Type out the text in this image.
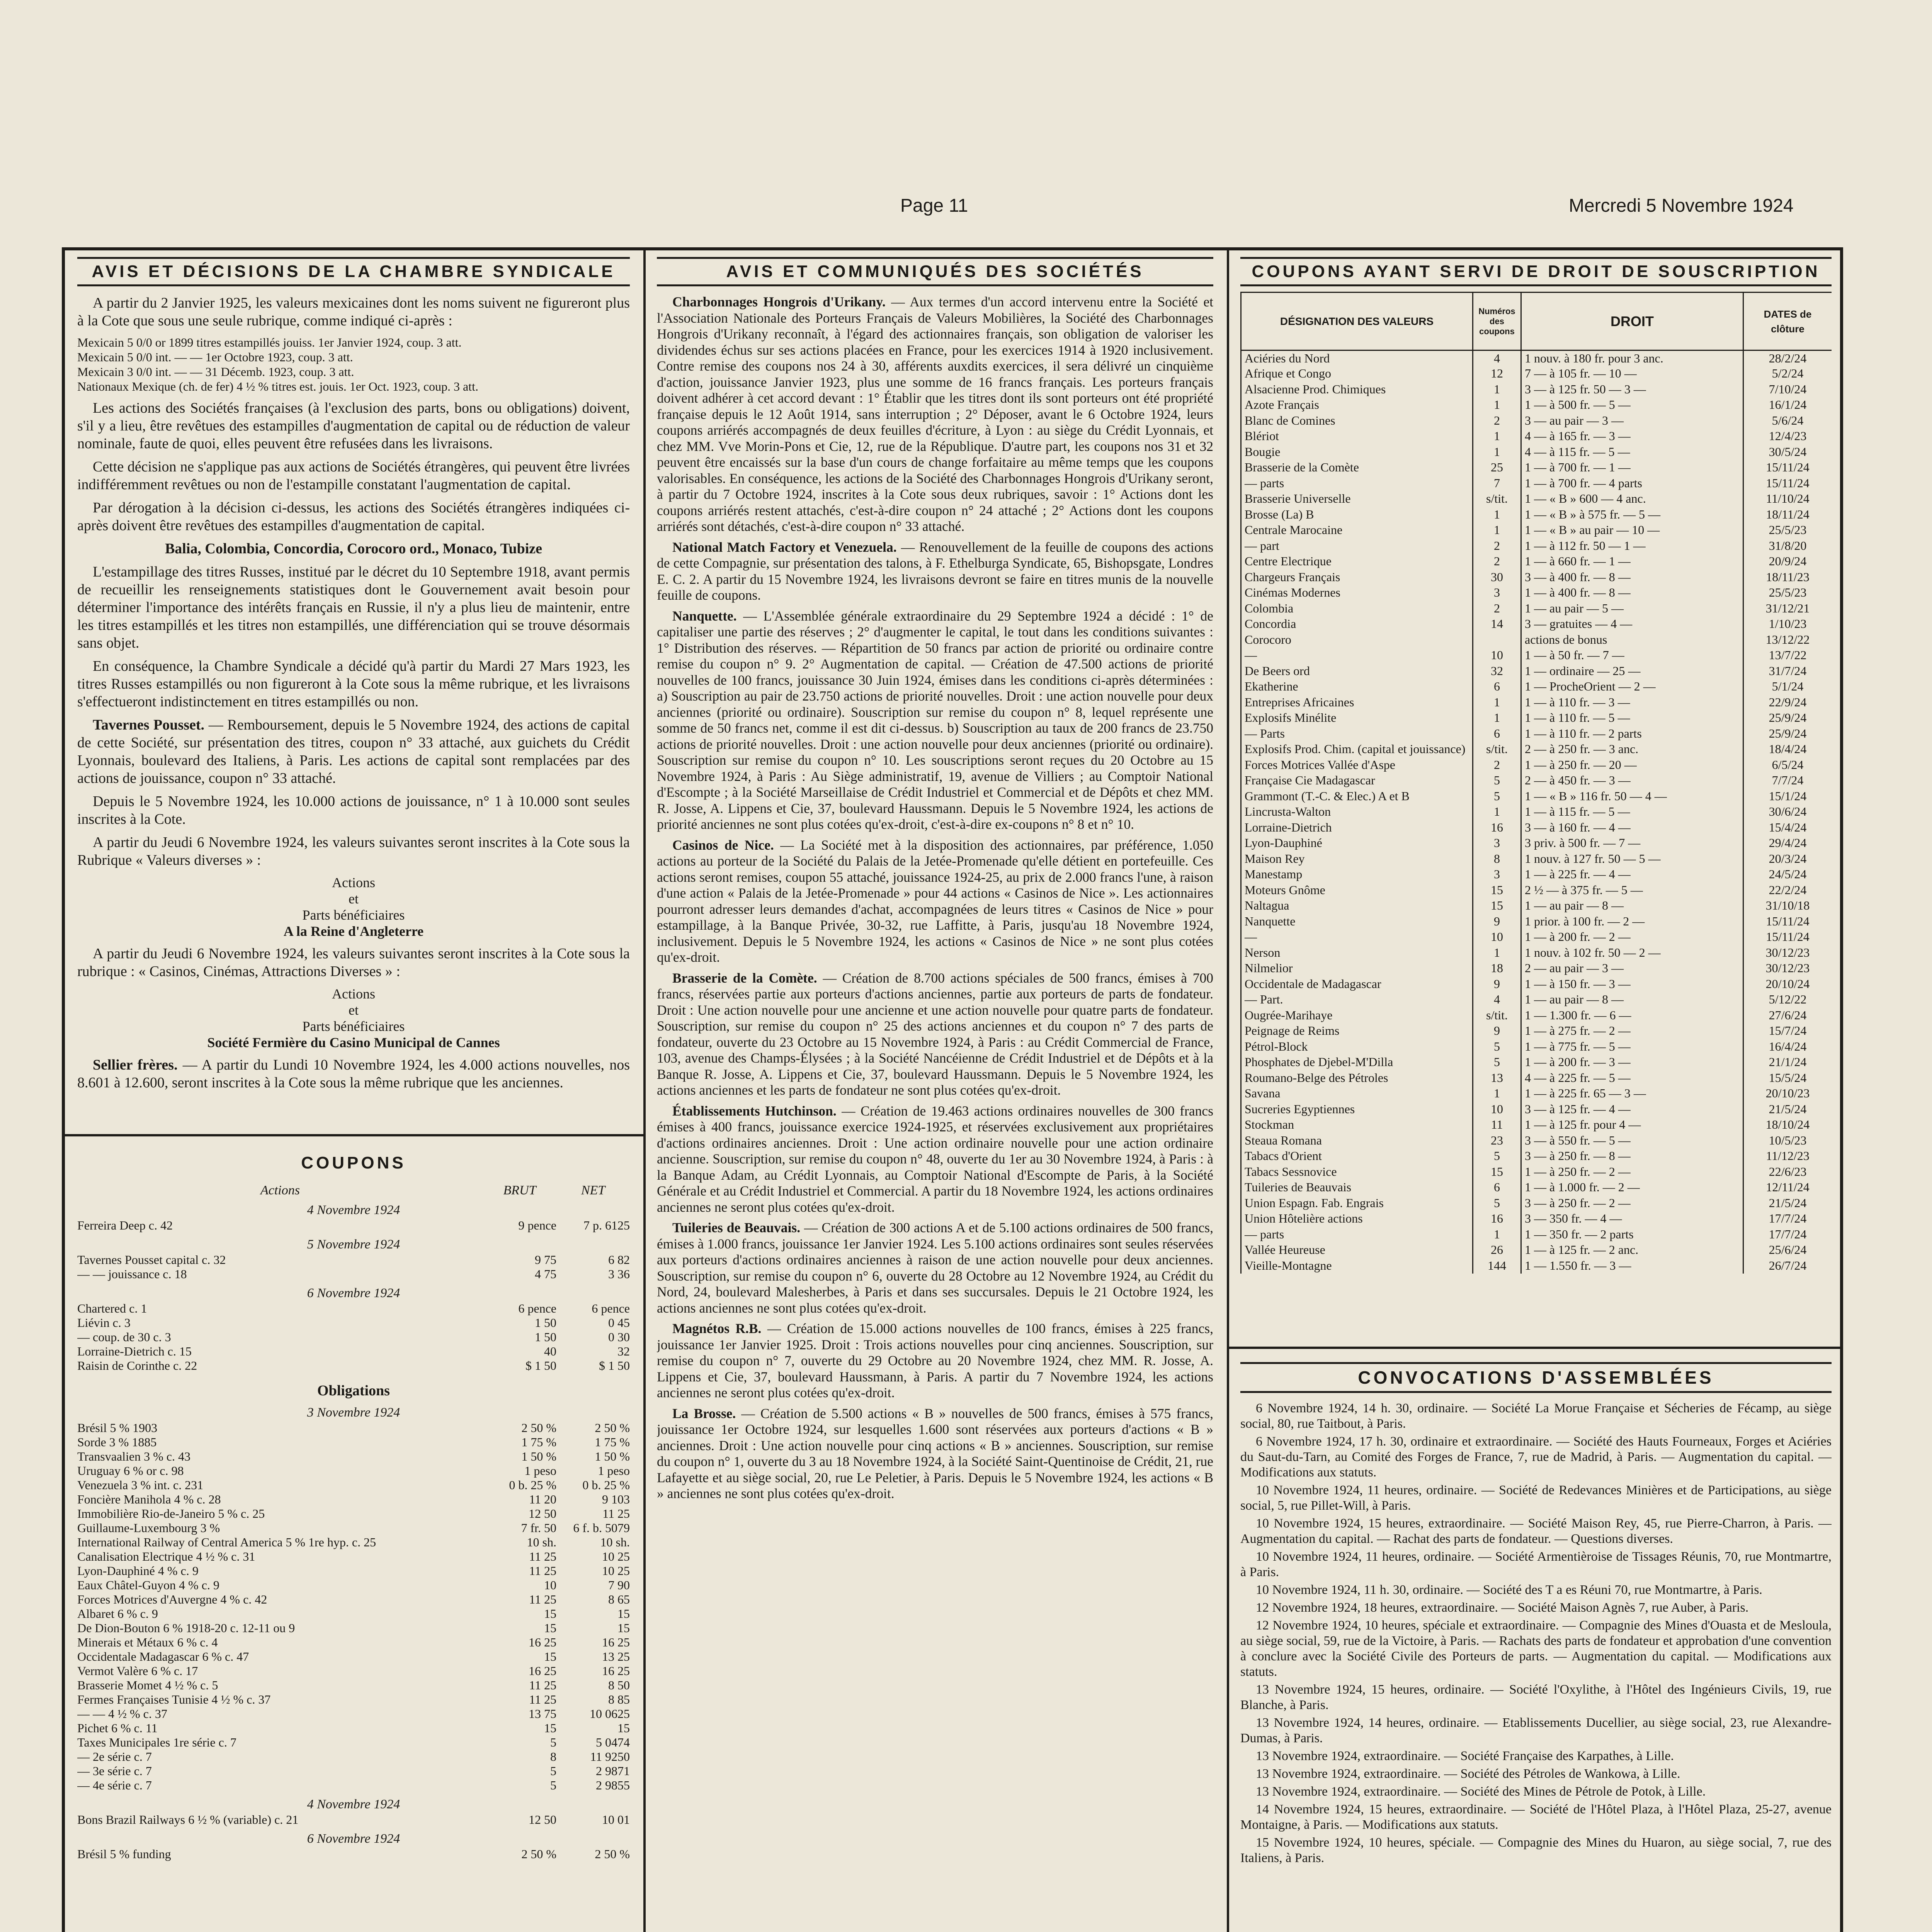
Page 11	Mercredi 5 Novembre 1924
AVIS ET DÉCISIONS DE LA CHAMBRE SYNDICALE

A partir du 2 Janvier 1925, les valeurs mexicaines dont les noms suivent ne figureront plus à la Cote que sous une seule rubrique, comme indiqué ci-après :

Mexicain 5 0/0 or 1899 titres estampillés jouiss. 1er Janvier 1924, coup. 3 att.
Mexicain 5 0/0 int. — — 1er Octobre 1923, coup. 3 att.
Mexicain 3 0/0 int. — — 31 Décemb. 1923, coup. 3 att.
Nationaux Mexique (ch. de fer) 4 ½ % titres est. jouis. 1er Oct. 1923, coup. 3 att.

Les actions des Sociétés françaises (à l'exclusion des parts, bons ou obligations) doivent, s'il y a lieu, être revêtues des estampilles d'augmentation de capital ou de réduction de valeur nominale, faute de quoi, elles peuvent être refusées dans les livraisons.

Cette décision ne s'applique pas aux actions de Sociétés étrangères, qui peuvent être livrées indifféremment revêtues ou non de l'estampille constatant l'augmentation de capital.

Par dérogation à la décision ci-dessus, les actions des Sociétés étrangères indiquées ci-après doivent être revêtues des estampilles d'augmentation de capital.

Balia, Colombia, Concordia, Corocoro ord., Monaco, Tubize

L'estampillage des titres Russes, institué par le décret du 10 Septembre 1918, avant permis de recueillir les renseignements statistiques dont le Gouvernement avait besoin pour déterminer l'importance des intérêts français en Russie, il n'y a plus lieu de maintenir, entre les titres estampillés et les titres non estampillés, une différenciation qui se trouve désormais sans objet.

En conséquence, la Chambre Syndicale a décidé qu'à partir du Mardi 27 Mars 1923, les titres Russes estampillés ou non figureront à la Cote sous la même rubrique, et les livraisons s'effectueront indistinctement en titres estampillés ou non.

Tavernes Pousset. — Remboursement, depuis le 5 Novembre 1924, des actions de capital de cette Société, sur présentation des titres, coupon n° 33 attaché, aux guichets du Crédit Lyonnais, boulevard des Italiens, à Paris. Les actions de capital sont remplacées par des actions de jouissance, coupon n° 33 attaché.

Depuis le 5 Novembre 1924, les 10.000 actions de jouissance, n° 1 à 10.000 sont seules inscrites à la Cote.

A partir du Jeudi 6 Novembre 1924, les valeurs suivantes seront inscrites à la Cote sous la Rubrique « Valeurs diverses » :

Actions
et
Parts bénéficiaires
A la Reine d'Angleterre

A partir du Jeudi 6 Novembre 1924, les valeurs suivantes seront inscrites à la Cote sous la rubrique : « Casinos, Cinémas, Attractions Diverses » :

Actions
et
Parts bénéficiaires
Société Fermière du Casino Municipal de Cannes

Sellier frères. — A partir du Lundi 10 Novembre 1924, les 4.000 actions nouvelles, nos 8.601 à 12.600, seront inscrites à la Cote sous la même rubrique que les anciennes.

COUPONS
Actions	BRUT	NET
4 Novembre 1924
Ferreira Deep c. 42	9 pence	7 p. 6125
5 Novembre 1924
Tavernes Pousset capital c. 32	9 75	6 82
— — jouissance c. 18	4 75	3 36
6 Novembre 1924
Chartered c. 1	6 pence	6 pence
Liévin c. 3	1 50	0 45
— coup. de 30 c. 3	1 50	0 30
Lorraine-Dietrich c. 15	40	32
Raisin de Corinthe c. 22	$ 1 50	$ 1 50
Obligations
3 Novembre 1924
Brésil 5 % 1903	2 50 %	2 50 %
Sorde 3 % 1885	1 75 %	1 75 %
Transvaalien 3 % c. 43	1 50 %	1 50 %
Uruguay 6 % or c. 98	1 peso	1 peso
Venezuela 3 % int. c. 231	0 b. 25 %	0 b. 25 %
Foncière Manihola 4 % c. 28	11 20	9 103
Immobilière Rio-de-Janeiro 5 % c. 25	12 50	11 25
Guillaume-Luxembourg 3 %	7 fr. 50	6 f. b. 5079
International Railway of Central America 5 % 1re hyp. c. 25	10 sh.	10 sh.
Canalisation Electrique 4 ½ % c. 31	11 25	10 25
Lyon-Dauphiné 4 % c. 9	11 25	10 25
Eaux Châtel-Guyon 4 % c. 9	10	7 90
Forces Motrices d'Auvergne 4 % c. 42	11 25	8 65
Albaret 6 % c. 9	15	15
De Dion-Bouton 6 % 1918-20 c. 12-11 ou 9	15	15
Minerais et Métaux 6 % c. 4	16 25	16 25
Occidentale Madagascar 6 % c. 47	15	13 25
Vermot Valère 6 % c. 17	16 25	16 25
Brasserie Momet 4 ½ % c. 5	11 25	8 50
Fermes Françaises Tunisie 4 ½ % c. 37	11 25	8 85
— — 4 ½ % c. 37	13 75	10 0625
Pichet 6 % c. 11	15	15
Taxes Municipales 1re série c. 7	5	5 0474
— 2e série c. 7	8	11 9250
— 3e série c. 7	5	2 9871
— 4e série c. 7	5	2 9855
4 Novembre 1924
Bons Brazil Railways 6 ½ % (variable) c. 21	12 50	10 01
6 Novembre 1924
Brésil 5 % funding	2 50 %	2 50 %
AVIS ET COMMUNIQUÉS DES SOCIÉTÉS

Charbonnages Hongrois d'Urikany. — Aux termes d'un accord intervenu entre la Société et l'Association Nationale des Porteurs Français de Valeurs Mobilières, la Société des Charbonnages Hongrois d'Urikany reconnaît, à l'égard des actionnaires français, son obligation de valoriser les dividendes échus sur ses actions placées en France, pour les exercices 1914 à 1920 inclusivement. Contre remise des coupons nos 24 à 30, afférents auxdits exercices, il sera délivré un cinquième d'action, jouissance Janvier 1923, plus une somme de 16 francs français. Les porteurs français doivent adhérer à cet accord devant : 1° Établir que les titres dont ils sont porteurs ont été propriété française depuis le 12 Août 1914, sans interruption ; 2° Déposer, avant le 6 Octobre 1924, leurs coupons arriérés accompagnés de deux feuilles d'écriture, à Lyon : au siège du Crédit Lyonnais, et chez MM. Vve Morin-Pons et Cie, 12, rue de la République. D'autre part, les coupons nos 31 et 32 peuvent être encaissés sur la base d'un cours de change forfaitaire au même temps que les coupons valorisables. En conséquence, les actions de la Société des Charbonnages Hongrois d'Urikany seront, à partir du 7 Octobre 1924, inscrites à la Cote sous deux rubriques, savoir : 1° Actions dont les coupons arriérés restent attachés, c'est-à-dire coupon n° 24 attaché ; 2° Actions dont les coupons arriérés sont détachés, c'est-à-dire coupon n° 33 attaché.

National Match Factory et Venezuela. — Renouvellement de la feuille de coupons des actions de cette Compagnie, sur présentation des talons, à F. Ethelburga Syndicate, 65, Bishopsgate, Londres E. C. 2. A partir du 15 Novembre 1924, les livraisons devront se faire en titres munis de la nouvelle feuille de coupons.

Nanquette. — L'Assemblée générale extraordinaire du 29 Septembre 1924 a décidé : 1° de capitaliser une partie des réserves ; 2° d'augmenter le capital, le tout dans les conditions suivantes : 1° Distribution des réserves. — Répartition de 50 francs par action de priorité ou ordinaire contre remise du coupon n° 9. 2° Augmentation de capital. — Création de 47.500 actions de priorité nouvelles de 100 francs, jouissance 30 Juin 1924, émises dans les conditions ci-après déterminées : a) Souscription au pair de 23.750 actions de priorité nouvelles. Droit : une action nouvelle pour deux anciennes (priorité ou ordinaire). Souscription sur remise du coupon n° 8, lequel représente une somme de 50 francs net, comme il est dit ci-dessus. b) Souscription au taux de 200 francs de 23.750 actions de priorité nouvelles. Droit : une action nouvelle pour deux anciennes (priorité ou ordinaire). Souscription sur remise du coupon n° 10. Les souscriptions seront reçues du 20 Octobre au 15 Novembre 1924, à Paris : Au Siège administratif, 19, avenue de Villiers ; au Comptoir National d'Escompte ; à la Société Marseillaise de Crédit Industriel et Commercial et de Dépôts et chez MM. R. Josse, A. Lippens et Cie, 37, boulevard Haussmann. Depuis le 5 Novembre 1924, les actions de priorité anciennes ne sont plus cotées qu'ex-droit, c'est-à-dire ex-coupons n° 8 et n° 10.

Casinos de Nice. — La Société met à la disposition des actionnaires, par préférence, 1.050 actions au porteur de la Société du Palais de la Jetée-Promenade qu'elle détient en portefeuille. Ces actions seront remises, coupon 55 attaché, jouissance 1924-25, au prix de 2.000 francs l'une, à raison d'une action « Palais de la Jetée-Promenade » pour 44 actions « Casinos de Nice ». Les actionnaires pourront adresser leurs demandes d'achat, accompagnées de leurs titres « Casinos de Nice » pour estampillage, à la Banque Privée, 30-32, rue Laffitte, à Paris, jusqu'au 18 Novembre 1924, inclusivement. Depuis le 5 Novembre 1924, les actions « Casinos de Nice » ne sont plus cotées qu'ex-droit.

Brasserie de la Comète. — Création de 8.700 actions spéciales de 500 francs, émises à 700 francs, réservées partie aux porteurs d'actions anciennes, partie aux porteurs de parts de fondateur. Droit : Une action nouvelle pour une ancienne et une action nouvelle pour quatre parts de fondateur. Souscription, sur remise du coupon n° 25 des actions anciennes et du coupon n° 7 des parts de fondateur, ouverte du 23 Octobre au 15 Novembre 1924, à Paris : au Crédit Commercial de France, 103, avenue des Champs-Élysées ; à la Société Nancéienne de Crédit Industriel et de Dépôts et à la Banque R. Josse, A. Lippens et Cie, 37, boulevard Haussmann. Depuis le 5 Novembre 1924, les actions anciennes et les parts de fondateur ne sont plus cotées qu'ex-droit.

Établissements Hutchinson. — Création de 19.463 actions ordinaires nouvelles de 300 francs émises à 400 francs, jouissance exercice 1924-1925, et réservées exclusivement aux propriétaires d'actions ordinaires anciennes. Droit : Une action ordinaire nouvelle pour une action ordinaire ancienne. Souscription, sur remise du coupon n° 48, ouverte du 1er au 30 Novembre 1924, à Paris : à la Banque Adam, au Crédit Lyonnais, au Comptoir National d'Escompte de Paris, à la Société Générale et au Crédit Industriel et Commercial. A partir du 18 Novembre 1924, les actions ordinaires anciennes ne seront plus cotées qu'ex-droit.

Tuileries de Beauvais. — Création de 300 actions A et de 5.100 actions ordinaires de 500 francs, émises à 1.000 francs, jouissance 1er Janvier 1924. Les 5.100 actions ordinaires sont seules réservées aux porteurs d'actions ordinaires anciennes à raison de une action nouvelle pour deux anciennes. Souscription, sur remise du coupon n° 6, ouverte du 28 Octobre au 12 Novembre 1924, au Crédit du Nord, 24, boulevard Malesherbes, à Paris et dans ses succursales. Depuis le 21 Octobre 1924, les actions anciennes ne sont plus cotées qu'ex-droit.

Magnétos R.B. — Création de 15.000 actions nouvelles de 100 francs, émises à 225 francs, jouissance 1er Janvier 1925. Droit : Trois actions nouvelles pour cinq anciennes. Souscription, sur remise du coupon n° 7, ouverte du 29 Octobre au 20 Novembre 1924, chez MM. R. Josse, A. Lippens et Cie, 37, boulevard Haussmann, à Paris. A partir du 7 Novembre 1924, les actions anciennes ne seront plus cotées qu'ex-droit.

La Brosse. — Création de 5.500 actions « B » nouvelles de 500 francs, émises à 575 francs, jouissance 1er Octobre 1924, sur lesquelles 1.600 sont réservées aux porteurs d'actions « B » anciennes. Droit : Une action nouvelle pour cinq actions « B » anciennes. Souscription, sur remise du coupon n° 1, ouverte du 3 au 18 Novembre 1924, à la Société Saint-Quentinoise de Crédit, 21, rue Lafayette et au siège social, 20, rue Le Peletier, à Paris. Depuis le 5 Novembre 1924, les actions « B » anciennes ne sont plus cotées qu'ex-droit.

COUPONS AYANT SERVI DE DROIT DE SOUSCRIPTION
DÉSIGNATION DES VALEURS	Numéros des coupons	DROIT	DATES de clôture
Aciéries du Nord	4	1 nouv. à 180 fr. pour 3 anc.	28/2/24
Afrique et Congo	12	7 — à 105 fr. — 10 —	5/2/24
Alsacienne Prod. Chimiques	1	3 — à 125 fr. 50 — 3 —	7/10/24
Azote Français	1	1 — à 500 fr. — 5 —	16/1/24
Blanc de Comines	2	3 — au pair — 3 —	5/6/24
Blériot	1	4 — à 165 fr. — 3 —	12/4/23
Bougie	1	4 — à 115 fr. — 5 —	30/5/24
Brasserie de la Comète	25	1 — à 700 fr. — 1 —	15/11/24
— parts	7	1 — à 700 fr. — 4 parts	15/11/24
Brasserie Universelle	s/tit.	1 — « B » 600 — 4 anc.	11/10/24
Brosse (La) B	1	1 — « B » à 575 fr. — 5 —	18/11/24
Centrale Marocaine	1	1 — « B » au pair — 10 —	25/5/23
— part	2	1 — à 112 fr. 50 — 1 —	31/8/20
Centre Electrique	2	1 — à 660 fr. — 1 —	20/9/24
Chargeurs Français	30	3 — à 400 fr. — 8 —	18/11/23
Cinémas Modernes	3	1 — à 400 fr. — 8 —	25/5/23
Colombia	2	1 — au pair — 5 —	31/12/21
Concordia	14	3 — gratuites — 4 —	1/10/23
Corocoro		actions de bonus	13/12/22
—	10	1 — à 50 fr. — 7 —	13/7/22
De Beers ord	32	1 — ordinaire — 25 —	31/7/24
Ekatherine	6	1 — ProcheOrient — 2 —	5/1/24
Entreprises Africaines	1	1 — à 110 fr. — 3 —	22/9/24
Explosifs Minélite	1	1 — à 110 fr. — 5 —	25/9/24
— Parts	6	1 — à 110 fr. — 2 parts	25/9/24
Explosifs Prod. Chim. (capital et jouissance)	s/tit.	2 — à 250 fr. — 3 anc.	18/4/24
Forces Motrices Vallée d'Aspe	2	1 — à 250 fr. — 20 —	6/5/24
Française Cie Madagascar	5	2 — à 450 fr. — 3 —	7/7/24
Grammont (T.-C. & Elec.) A et B	5	1 — « B » 116 fr. 50 — 4 —	15/1/24
Lincrusta-Walton	1	1 — à 115 fr. — 5 —	30/6/24
Lorraine-Dietrich	16	3 — à 160 fr. — 4 —	15/4/24
Lyon-Dauphiné	3	3 priv. à 500 fr. — 7 —	29/4/24
Maison Rey	8	1 nouv. à 127 fr. 50 — 5 —	20/3/24
Manestamp	3	1 — à 225 fr. — 4 —	24/5/24
Moteurs Gnôme	15	2 ½ — à 375 fr. — 5 —	22/2/24
Naltagua	15	1 — au pair — 8 —	31/10/18
Nanquette	9	1 prior. à 100 fr. — 2 —	15/11/24
—	10	1 — à 200 fr. — 2 —	15/11/24
Nerson	1	1 nouv. à 102 fr. 50 — 2 —	30/12/23
Nilmelior	18	2 — au pair — 3 —	30/12/23
Occidentale de Madagascar	9	1 — à 150 fr. — 3 —	20/10/24
— Part.	4	1 — au pair — 8 —	5/12/22
Ougrée-Marihaye	s/tit.	1 — 1.300 fr. — 6 —	27/6/24
Peignage de Reims	9	1 — à 275 fr. — 2 —	15/7/24
Pétrol-Block	5	1 — à 775 fr. — 5 —	16/4/24
Phosphates de Djebel-M'Dilla	5	1 — à 200 fr. — 3 —	21/1/24
Roumano-Belge des Pétroles	13	4 — à 225 fr. — 5 —	15/5/24
Savana	1	1 — à 225 fr. 65 — 3 —	20/10/23
Sucreries Egyptiennes	10	3 — à 125 fr. — 4 —	21/5/24
Stockman	11	1 — à 125 fr. pour 4 —	18/10/24
Steaua Romana	23	3 — à 550 fr. — 5 —	10/5/23
Tabacs d'Orient	5	3 — à 250 fr. — 8 —	11/12/23
Tabacs Sessnovice	15	1 — à 250 fr. — 2 —	22/6/23
Tuileries de Beauvais	6	1 — à 1.000 fr. — 2 —	12/11/24
Union Espagn. Fab. Engrais	5	3 — à 250 fr. — 2 —	21/5/24
Union Hôtelière actions	16	3 — 350 fr. — 4 —	17/7/24
— parts	1	1 — 350 fr. — 2 parts	17/7/24
Vallée Heureuse	26	1 — à 125 fr. — 2 anc.	25/6/24
Vieille-Montagne	144	1 — 1.550 fr. — 3 —	26/7/24
CONVOCATIONS D'ASSEMBLÉES

6 Novembre 1924, 14 h. 30, ordinaire. — Société La Morue Française et Sécheries de Fécamp, au siège social, 80, rue Taitbout, à Paris.

6 Novembre 1924, 17 h. 30, ordinaire et extraordinaire. — Société des Hauts Fourneaux, Forges et Aciéries du Saut-du-Tarn, au Comité des Forges de France, 7, rue de Madrid, à Paris. — Augmentation du capital. — Modifications aux statuts.

10 Novembre 1924, 11 heures, ordinaire. — Société de Redevances Minières et de Participations, au siège social, 5, rue Pillet-Will, à Paris.

10 Novembre 1924, 15 heures, extraordinaire. — Société Maison Rey, 45, rue Pierre-Charron, à Paris. — Augmentation du capital. — Rachat des parts de fondateur. — Questions diverses.

10 Novembre 1924, 11 heures, ordinaire. — Société Armentièroise de Tissages Réunis, 70, rue Montmartre, à Paris.

10 Novembre 1924, 11 h. 30, ordinaire. — Société des T a es Réuni 70, rue Montmartre, à Paris.

12 Novembre 1924, 18 heures, extraordinaire. — Société Maison Agnès 7, rue Auber, à Paris.

12 Novembre 1924, 10 heures, spéciale et extraordinaire. — Compagnie des Mines d'Ouasta et de Mesloula, au siège social, 59, rue de la Victoire, à Paris. — Rachats des parts de fondateur et approbation d'une convention à conclure avec la Société Civile des Porteurs de parts. — Augmentation du capital. — Modifications aux statuts.

13 Novembre 1924, 15 heures, ordinaire. — Société l'Oxylithe, à l'Hôtel des Ingénieurs Civils, 19, rue Blanche, à Paris.

13 Novembre 1924, 14 heures, ordinaire. — Etablissements Ducellier, au siège social, 23, rue Alexandre-Dumas, à Paris.

13 Novembre 1924, extraordinaire. — Société Française des Karpathes, à Lille.

13 Novembre 1924, extraordinaire. — Société des Pétroles de Wankowa, à Lille.

13 Novembre 1924, extraordinaire. — Société des Mines de Pétrole de Potok, à Lille.

14 Novembre 1924, 15 heures, extraordinaire. — Société de l'Hôtel Plaza, à l'Hôtel Plaza, 25-27, avenue Montaigne, à Paris. — Modifications aux statuts.

15 Novembre 1924, 10 heures, spéciale. — Compagnie des Mines du Huaron, au siège social, 7, rue des Italiens, à Paris.
